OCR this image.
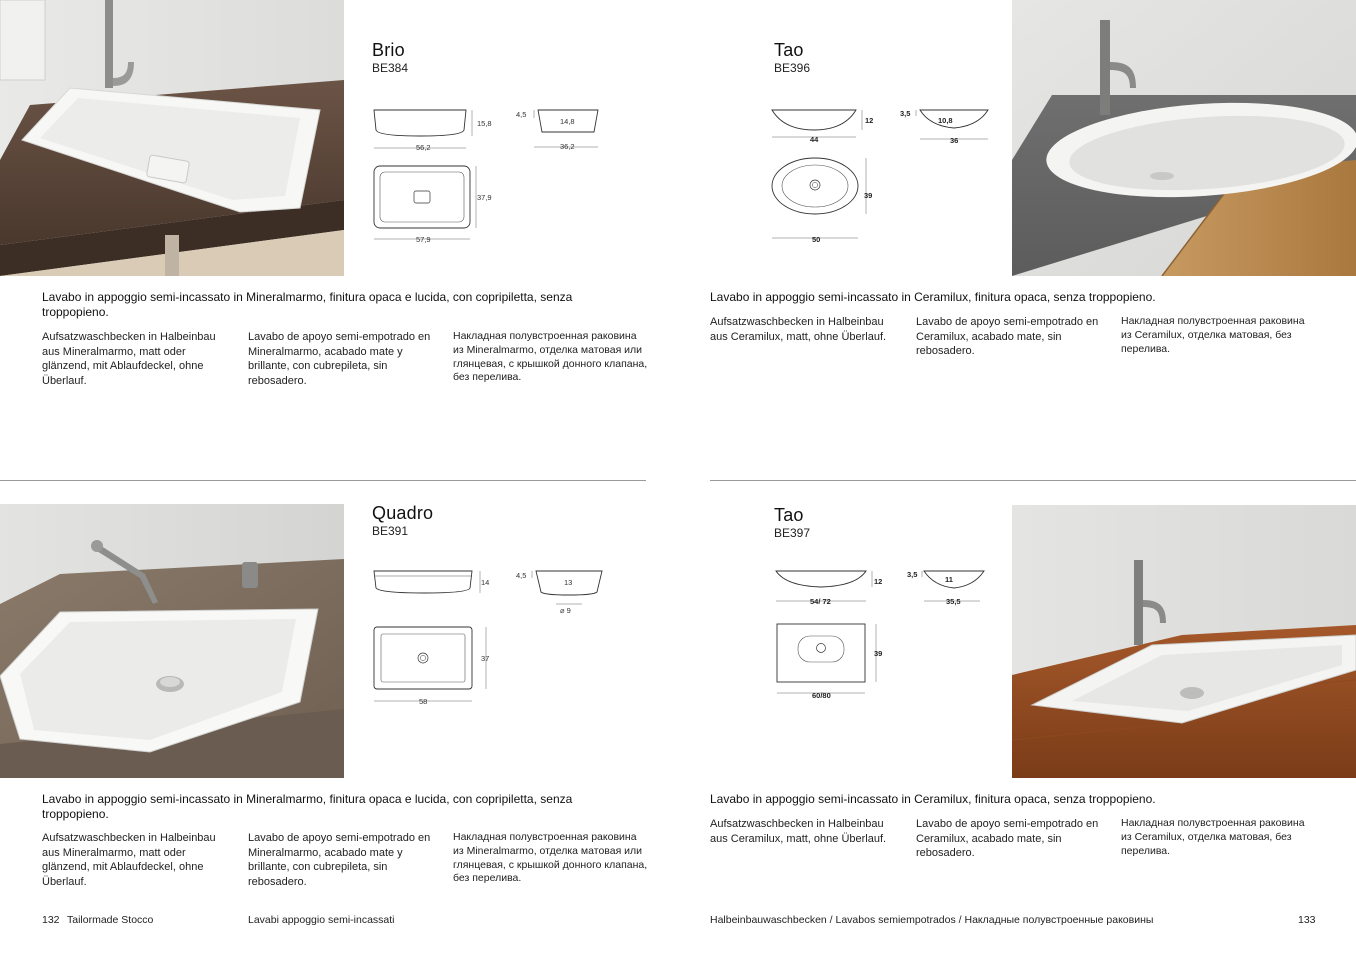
Brio
BE384
56,2
15,8
4,5
14,8
36,2
57,9
37,9
Lavabo in appoggio semi-incassato in Mineralmarmo, finitura opaca e lucida, con copripiletta, senza troppopieno.
Aufsatzwaschbecken in Halbeinbau aus Mineralmarmo, matt oder glänzend, mit Ablaufdeckel, ohne Überlauf.
Lavabo de apoyo semi-empotrado en Mineralmarmo, acabado mate y brillante, con cubrepileta, sin rebosadero.
Накладная полувстроенная раковина из Mineralmarmo, отделка матовая или глянцевая, с крышкой донного клапана, без перелива.
Tao
BE396
44
12
3,5
10,8
36
50
39
Lavabo in appoggio semi-incassato in Ceramilux, finitura opaca, senza troppopieno.
Aufsatzwaschbecken in Halbeinbau aus Ceramilux, matt, ohne Überlauf.
Lavabo de apoyo semi-empotrado en Ceramilux, acabado mate, sin rebosadero.
Накладная полувстроенная раковина из Ceramilux, отделка матовая, без перелива.
Quadro
BE391
14
4,5
13
⌀ 9
58
37
Lavabo in appoggio semi-incassato in Mineralmarmo, finitura opaca e lucida, con copripiletta, senza troppopieno.
Aufsatzwaschbecken in Halbeinbau aus Mineralmarmo, matt oder glänzend, mit Ablaufdeckel, ohne Überlauf.
Lavabo de apoyo semi-empotrado en Mineralmarmo, acabado mate y brillante, con cubrepileta, sin rebosadero.
Накладная полувстроенная раковина из Mineralmarmo, отделка матовая или глянцевая, с крышкой донного клапана, без перелива.
Tao
BE397
54/ 72
12
3,5
11
35,5
60/80
39
Lavabo in appoggio semi-incassato in Ceramilux, finitura opaca, senza troppopieno.
Aufsatzwaschbecken in Halbeinbau aus Ceramilux, matt, ohne Überlauf.
Lavabo de apoyo semi-empotrado en Ceramilux, acabado mate, sin rebosadero.
Накладная полувстроенная раковина из Ceramilux, отделка матовая, без перелива.
132 Tailormade Stocco	Lavabi appoggio semi-incassati	Halbeinbauwaschbecken / Lavabos semiempotrados / Накладные полувстроенные раковины	133
